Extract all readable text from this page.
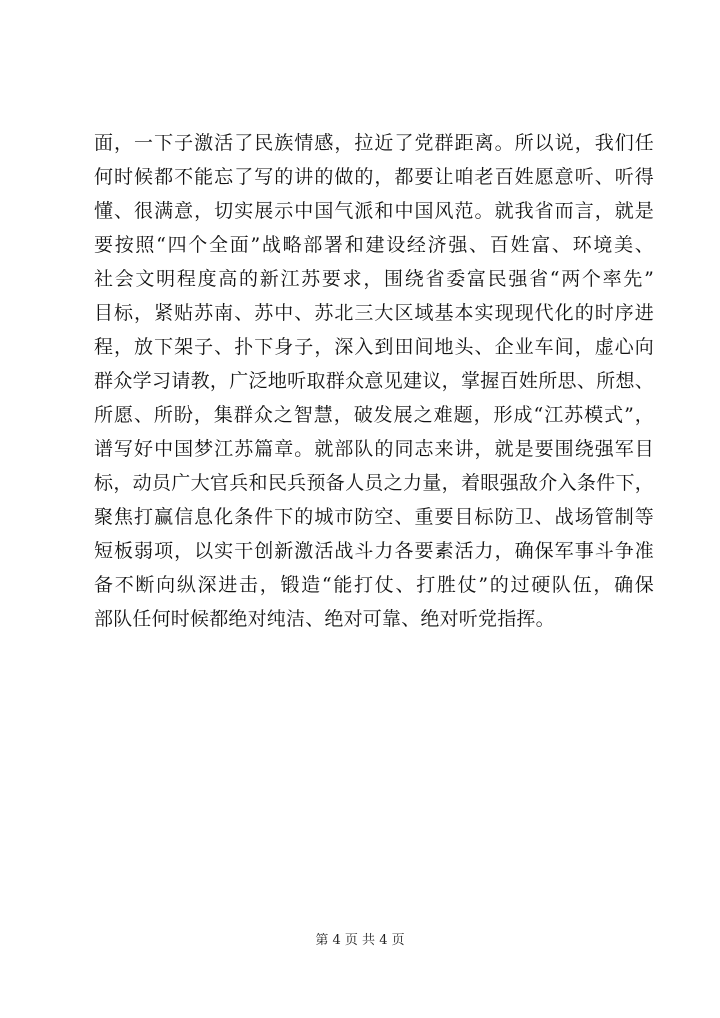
面，一下子激活了民族情感，拉近了党群距离。所以说，我们任
何时候都不能忘了写的讲的做的，都要让咱老百姓愿意听、听得
懂、很满意，切实展示中国气派和中国风范。就我省而言，就是
要按照“四个全面”战略部署和建设经济强、百姓富、环境美、
社会文明程度高的新江苏要求，围绕省委富民强省“两个率先”
目标，紧贴苏南、苏中、苏北三大区域基本实现现代化的时序进
程，放下架子、扑下身子，深入到田间地头、企业车间，虚心向
群众学习请教，广泛地听取群众意见建议，掌握百姓所思、所想、
所愿、所盼，集群众之智慧，破发展之难题，形成“江苏模式”，
谱写好中国梦江苏篇章。就部队的同志来讲，就是要围绕强军目
标，动员广大官兵和民兵预备人员之力量，着眼强敌介入条件下，
聚焦打赢信息化条件下的城市防空、重要目标防卫、战场管制等
短板弱项，以实干创新激活战斗力各要素活力，确保军事斗争准
备不断向纵深进击，锻造“能打仗、打胜仗”的过硬队伍，确保
部队任何时候都绝对纯洁、绝对可靠、绝对听党指挥。
第 4 页 共 4 页
